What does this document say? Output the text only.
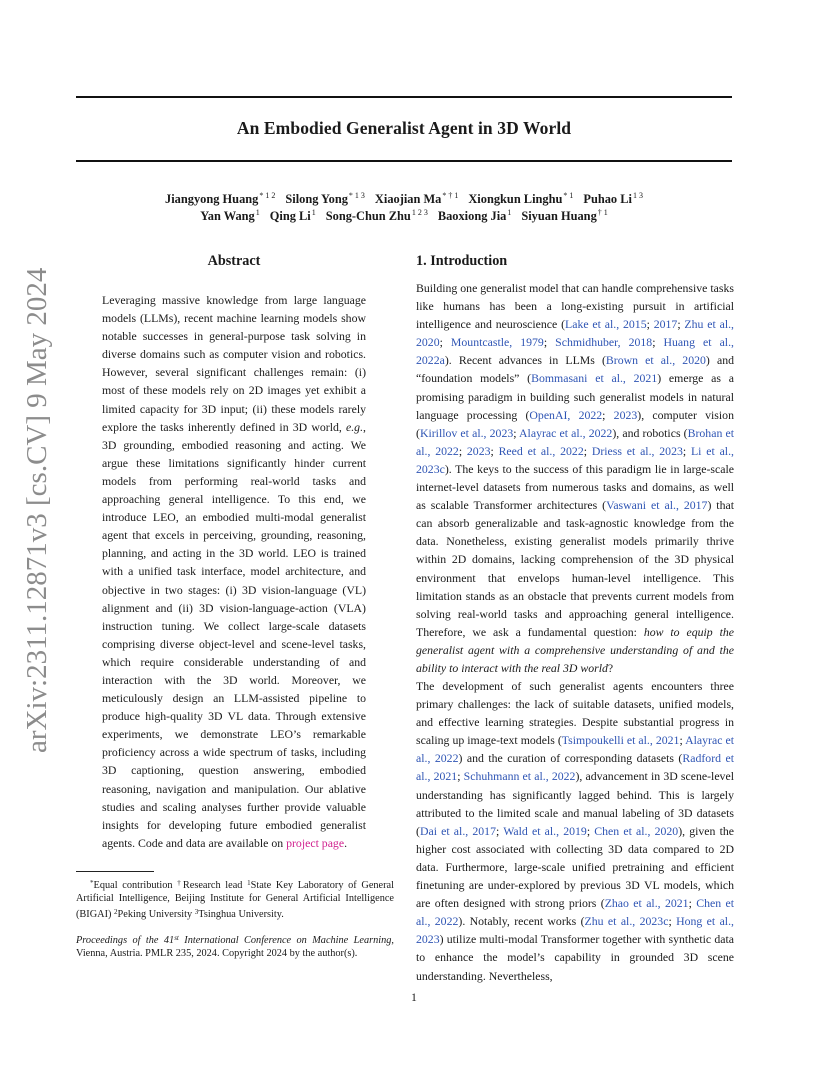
arXiv:2311.12871v3 [cs.CV] 9 May 2024
An Embodied Generalist Agent in 3D World
Jiangyong Huang$^{* 1 2}$ Silong Yong$^{* 1 3}$ Xiaojian $Ma^{* \dagger 1}$ Xiongkun Linghu$^{* 1}$ Puhao $Li^{1 3}$
Yan Wang$^1$ Qing Li$^1$ Song-Chun Zhu$^{1 2 3}$ Baoxiong Jia$^1$ Siyuan Huang$^{\dagger 1}$
Abstract

Leveraging massive knowledge from large language models (LLMs), recent machine learning models show notable successes in general-purpose task solving in diverse domains such as computer vision and robotics. However, several significant challenges remain: (i) most of these models rely on 2D images yet exhibit a limited capacity for 3D input; (ii) these models rarely explore the tasks inherently defined in 3D world, e.g., 3D grounding, embodied reasoning and acting. We argue these limitations significantly hinder current models from performing real-world tasks and approaching general intelligence. To this end, we introduce LEO, an embodied multi-modal generalist agent that excels in perceiving, grounding, reasoning, planning, and acting in the 3D world. LEO is trained with a unified task interface, model architecture, and objective in two stages: (i) 3D vision-language (VL) alignment and (ii) 3D vision-language-action (VLA) instruction tuning. We collect large-scale datasets comprising diverse object-level and scene-level tasks, which require considerable understanding of and interaction with the 3D world. Moreover, we meticulously design an LLM-assisted pipeline to produce high-quality 3D VL data. Through extensive experiments, we demonstrate LEO’s remarkable proficiency across a wide spectrum of tasks, including 3D captioning, question answering, embodied reasoning, navigation and manipulation. Our ablative studies and scaling analyses further provide valuable insights for developing future embodied generalist agents. Code and data are available on project page.

*Equal contribution †Research lead $^1$State Key Laboratory of General Artificial Intelligence, Beijing Institute for General Artificial Intelligence (BIGAI) $^2$Peking University $^3$Tsinghua University.

Proceedings of the 41st International Conference on Machine Learning, Vienna, Austria. PMLR 235, 2024. Copyright 2024 by the author(s).

1. Introduction

Building one generalist model that can handle comprehensive tasks like humans has been a long-existing pursuit in artificial intelligence and neuroscience (Lake et al., 2015; 2017; Zhu et al., 2020; Mountcastle, 1979; Schmidhuber, 2018; Huang et al., 2022a). Recent advances in LLMs (Brown et al., 2020) and “foundation models” (Bommasani et al., 2021) emerge as a promising paradigm in building such generalist models in natural language processing (OpenAI, 2022; 2023), computer vision (Kirillov et al., 2023; Alayrac et al., 2022), and robotics (Brohan et al., 2022; 2023; Reed et al., 2022; Driess et al., 2023; Li et al., 2023c). The keys to the success of this paradigm lie in large-scale internet-level datasets from numerous tasks and domains, as well as scalable Transformer architectures (Vaswani et al., 2017) that can absorb generalizable and task-agnostic knowledge from the data. Nonetheless, existing generalist models primarily thrive within 2D domains, lacking comprehension of the 3D physical environment that envelops human-level intelligence. This limitation stands as an obstacle that prevents current models from solving real-world tasks and approaching general intelligence. Therefore, we ask a fundamental question: how to equip the generalist agent with a comprehensive understanding of and the ability to interact with the real 3D world?

The development of such generalist agents encounters three primary challenges: the lack of suitable datasets, unified models, and effective learning strategies. Despite substantial progress in scaling up image-text models (Tsimpoukelli et al., 2021; Alayrac et al., 2022) and the curation of corresponding datasets (Radford et al., 2021; Schuhmann et al., 2022), advancement in 3D scene-level understanding has significantly lagged behind. This is largely attributed to the limited scale and manual labeling of 3D datasets (Dai et al., 2017; Wald et al., 2019; Chen et al., 2020), given the higher cost associated with collecting 3D data compared to 2D data. Furthermore, large-scale unified pretraining and efficient finetuning are under-explored by previous 3D VL models, which are often designed with strong priors (Zhao et al., 2021; Chen et al., 2022). Notably, recent works (Zhu et al., 2023c; Hong et al., 2023) utilize multi-modal Transformer together with synthetic data to enhance the model’s capability in grounded 3D scene understanding. Nevertheless,

1
